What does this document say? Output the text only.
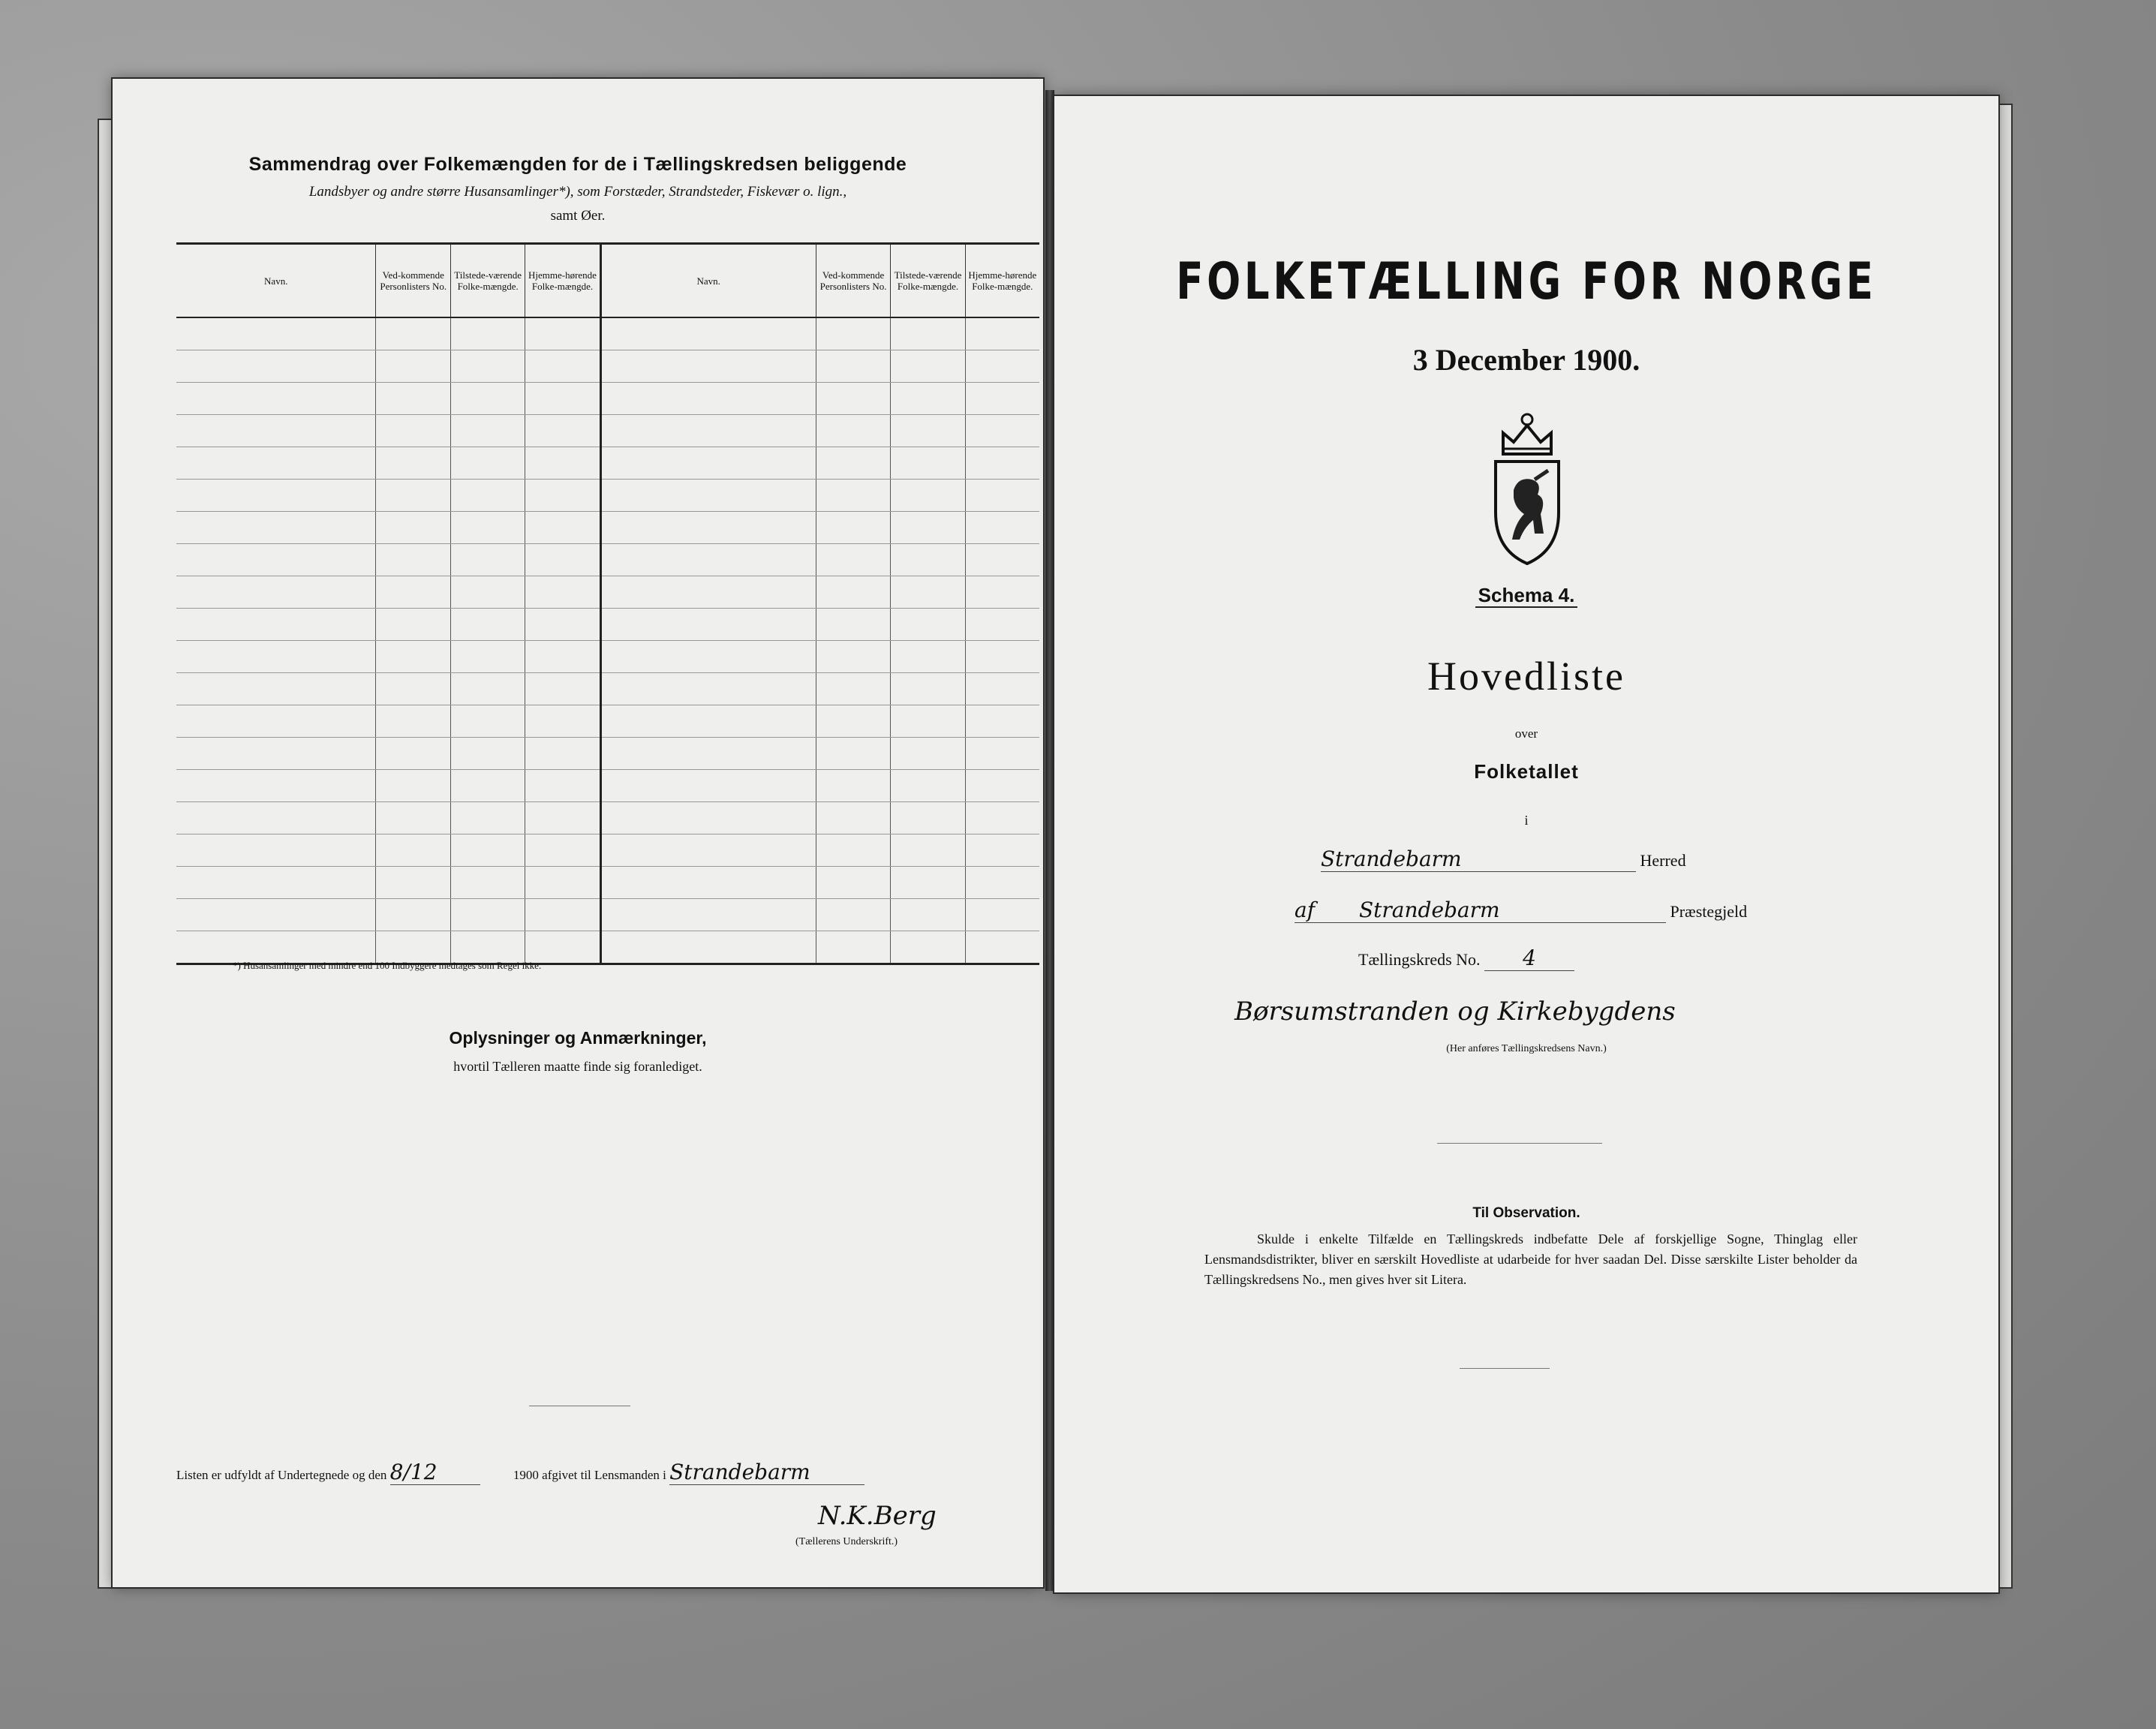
Sammendrag over Folkemængden for de i Tællingskredsen beliggende
Landsbyer og andre større Husansamlinger*), som Forstæder, Strandsteder, Fiskevær o. lign.,
samt Øer.
Navn.	Ved-kommende Personlisters No.	Tilstede-værende Folke-mængde.	Hjemme-hørende Folke-mængde.	Navn.	Ved-kommende Personlisters No.	Tilstede-værende Folke-mængde.	Hjemme-hørende Folke-mængde.

*) Husansamlinger med mindre end 100 Indbyggere medtages som Regel ikke.
Oplysninger og Anmærkninger,
hvortil Tælleren maatte finde sig foranlediget.
Listen er udfyldt af Undertegnede og den 8/12	1900 afgivet til Lensmanden i Strandebarm
N.K.Berg
(Tællerens Underskrift.)
FOLKETÆLLING FOR NORGE
3 December 1900.
Schema 4.
Hovedliste
over
Folketallet
i
Strandebarm	Herred
af Strandebarm	Præstegjeld
Tællingskreds No. 4
Børsumstranden og Kirkebygdens
(Her anføres Tællingskredsens Navn.)
Til Observation.
Skulde i enkelte Tilfælde en Tællingskreds indbefatte Dele af forskjellige Sogne, Thinglag eller Lensmandsdistrikter, bliver en særskilt Hovedliste at udarbeide for hver saadan Del. Disse særskilte Lister beholder da Tællingskredsens No., men gives hver sit Litera.
